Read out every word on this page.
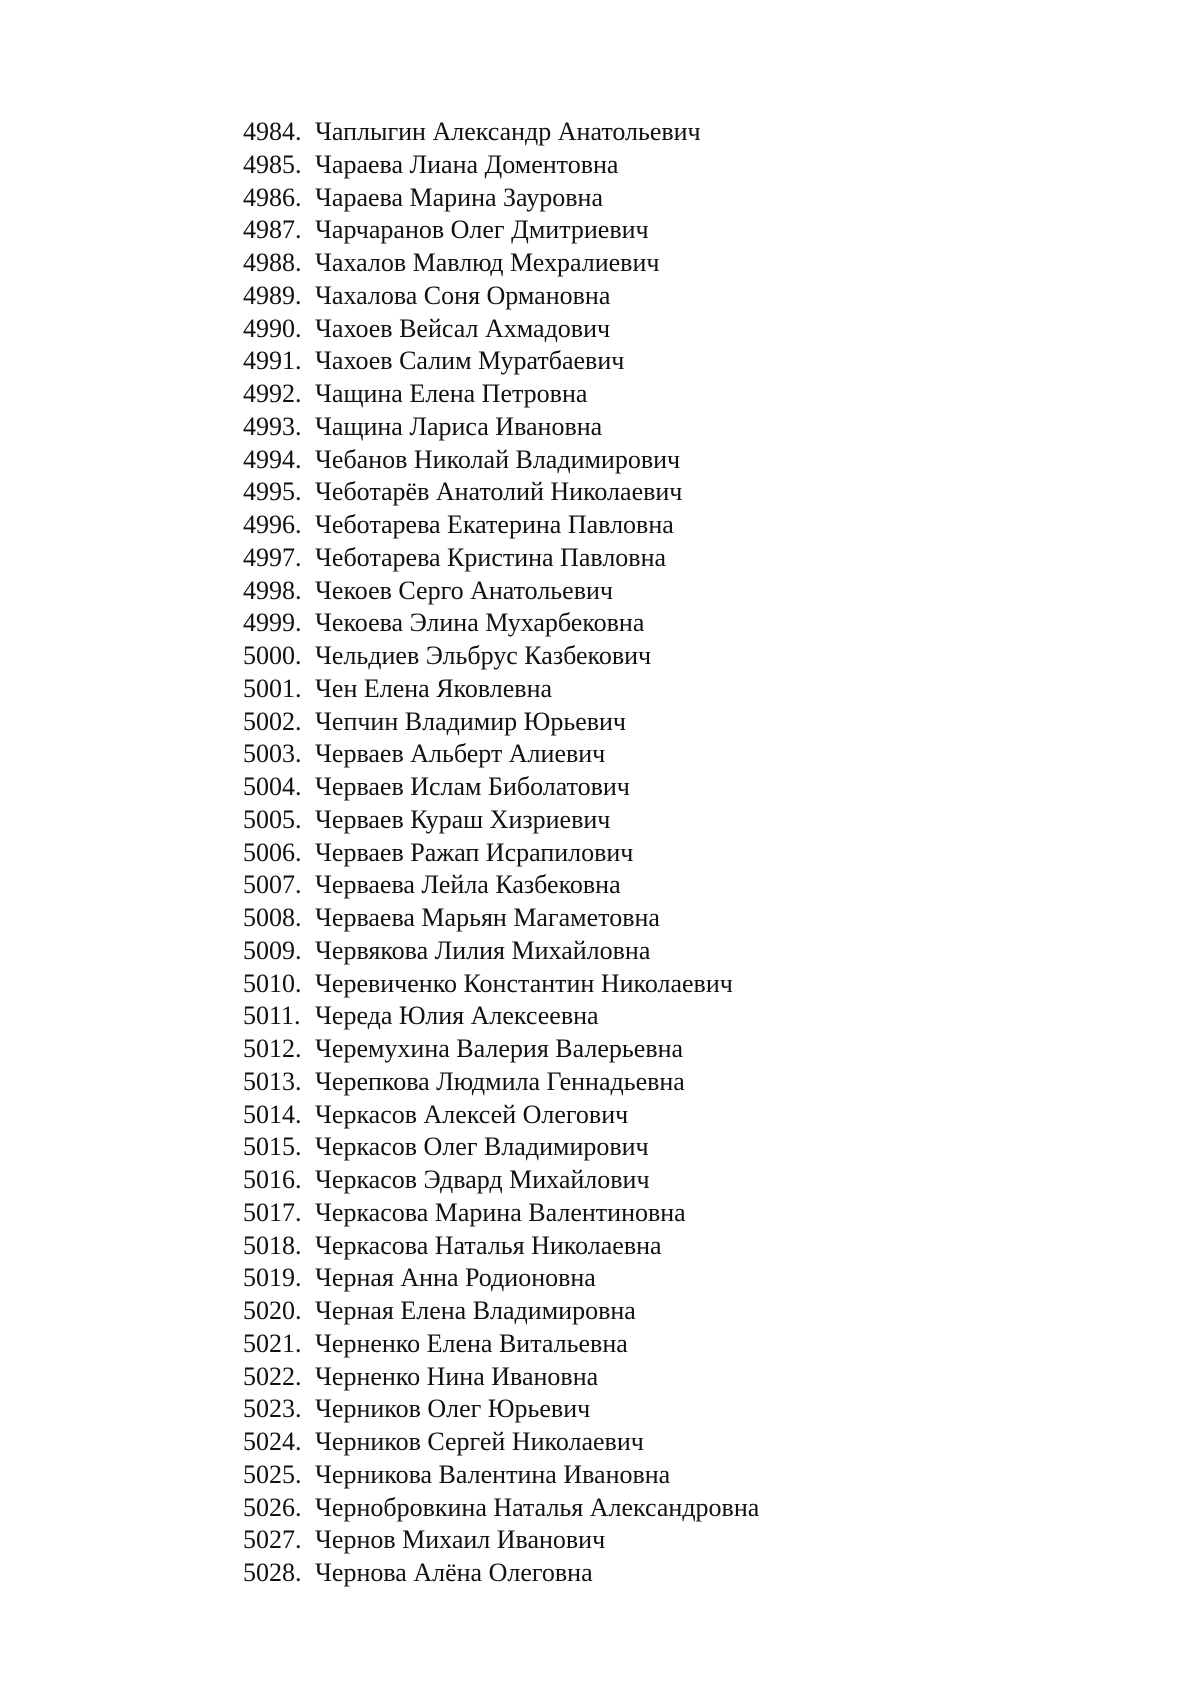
4984. Чаплыгин Александр Анатольевич
4985. Чараева Лиана Доментовна
4986. Чараева Марина Зауровна
4987. Чарчаранов Олег Дмитриевич
4988. Чахалов Мавлюд Мехралиевич
4989. Чахалова Соня Ормановна
4990. Чахоев Вейсал Ахмадович
4991. Чахоев Салим Муратбаевич
4992. Чащина Елена Петровна
4993. Чащина Лариса Ивановна
4994. Чебанов Николай Владимирович
4995. Чеботарёв Анатолий Николаевич
4996. Чеботарева Екатерина Павловна
4997. Чеботарева Кристина Павловна
4998. Чекоев Серго Анатольевич
4999. Чекоева Элина Мухарбековна
5000. Чельдиев Эльбрус Казбекович
5001. Чен Елена Яковлевна
5002. Чепчин Владимир Юрьевич
5003. Черваев Альберт Алиевич
5004. Черваев Ислам Биболатович
5005. Черваев Кураш Хизриевич
5006. Черваев Ражап Исрапилович
5007. Черваева Лейла Казбековна
5008. Черваева Марьян Магаметовна
5009. Червякова Лилия Михайловна
5010. Черевиченко Константин Николаевич
5011. Череда Юлия Алексеевна
5012. Черемухина Валерия Валерьевна
5013. Черепкова Людмила Геннадьевна
5014. Черкасов Алексей Олегович
5015. Черкасов Олег Владимирович
5016. Черкасов Эдвард Михайлович
5017. Черкасова Марина Валентиновна
5018. Черкасова Наталья Николаевна
5019. Черная Анна Родионовна
5020. Черная Елена Владимировна
5021. Черненко Елена Витальевна
5022. Черненко Нина Ивановна
5023. Черников Олег Юрьевич
5024. Черников Сергей Николаевич
5025. Черникова Валентина Ивановна
5026. Чернобровкина Наталья Александровна
5027. Чернов Михаил Иванович
5028. Чернова Алёна Олеговна
